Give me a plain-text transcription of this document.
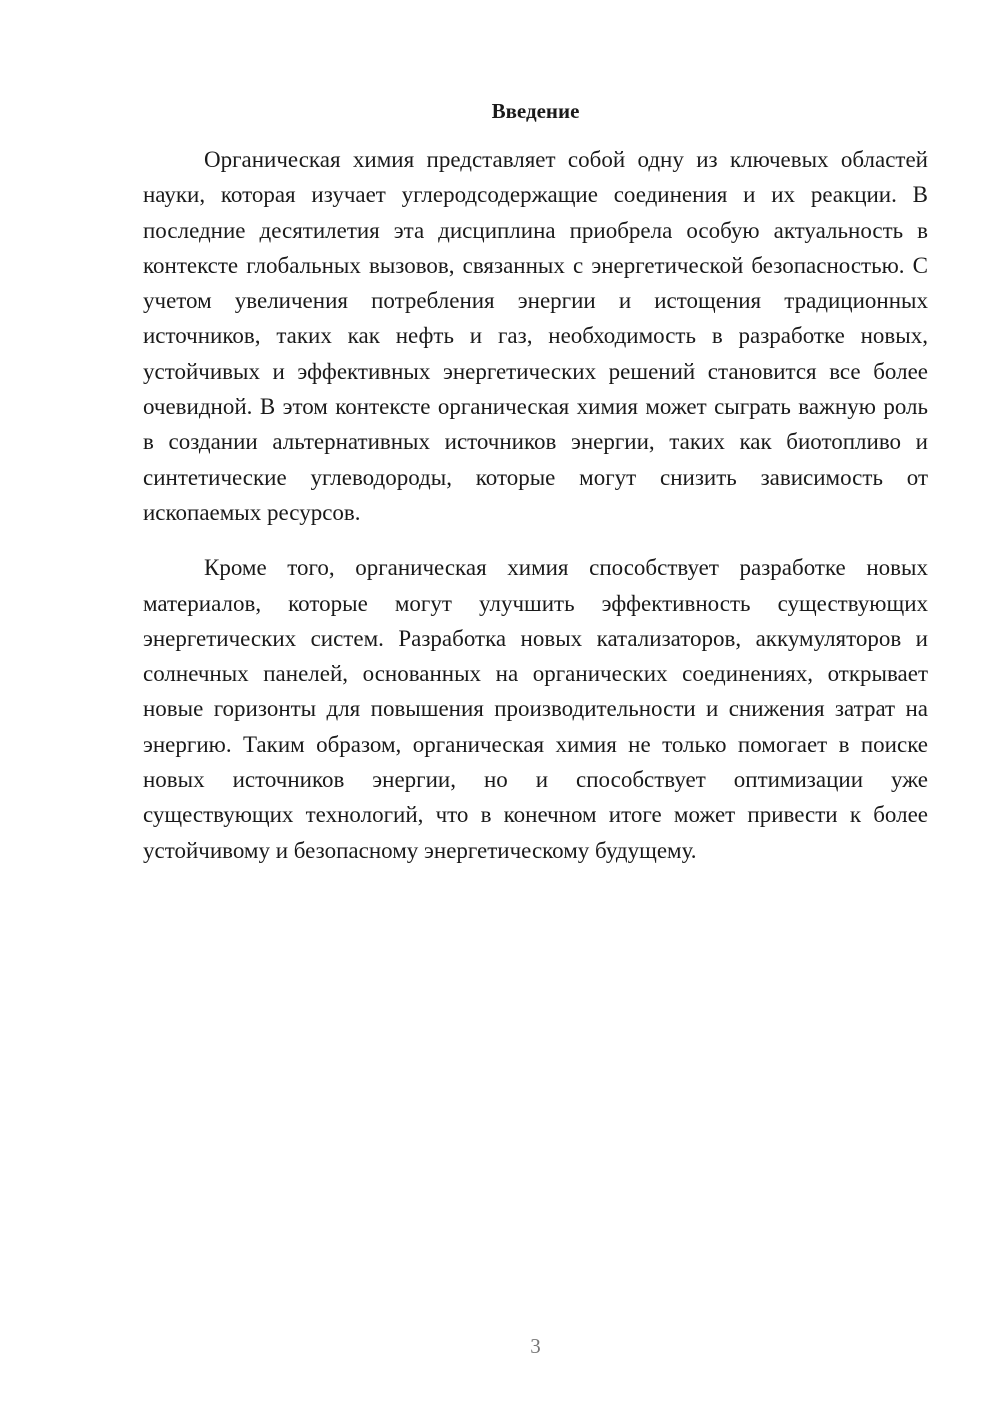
Введение

Органическая химия представляет собой одну из ключевых областей науки, которая изучает углеродсодержащие соединения и их реакции. В последние десятилетия эта дисциплина приобрела особую актуальность в контексте глобальных вызовов, связанных с энергетической безопасностью. С учетом увеличения потребления энергии и истощения традиционных источников, таких как нефть и газ, необходимость в разработке новых, устойчивых и эффективных энергетических решений становится все более очевидной. В этом контексте органическая химия может сыграть важную роль в создании альтернативных источников энергии, таких как биотопливо и синтетические углеводороды, которые могут снизить зависимость от ископаемых ресурсов.

Кроме того, органическая химия способствует разработке новых материалов, которые могут улучшить эффективность существующих энергетических систем. Разработка новых катализаторов, аккумуляторов и солнечных панелей, основанных на органических соединениях, открывает новые горизонты для повышения производительности и снижения затрат на энергию. Таким образом, органическая химия не только помогает в поиске новых источников энергии, но и способствует оптимизации уже существующих технологий, что в конечном итоге может привести к более устойчивому и безопасному энергетическому будущему.

3
